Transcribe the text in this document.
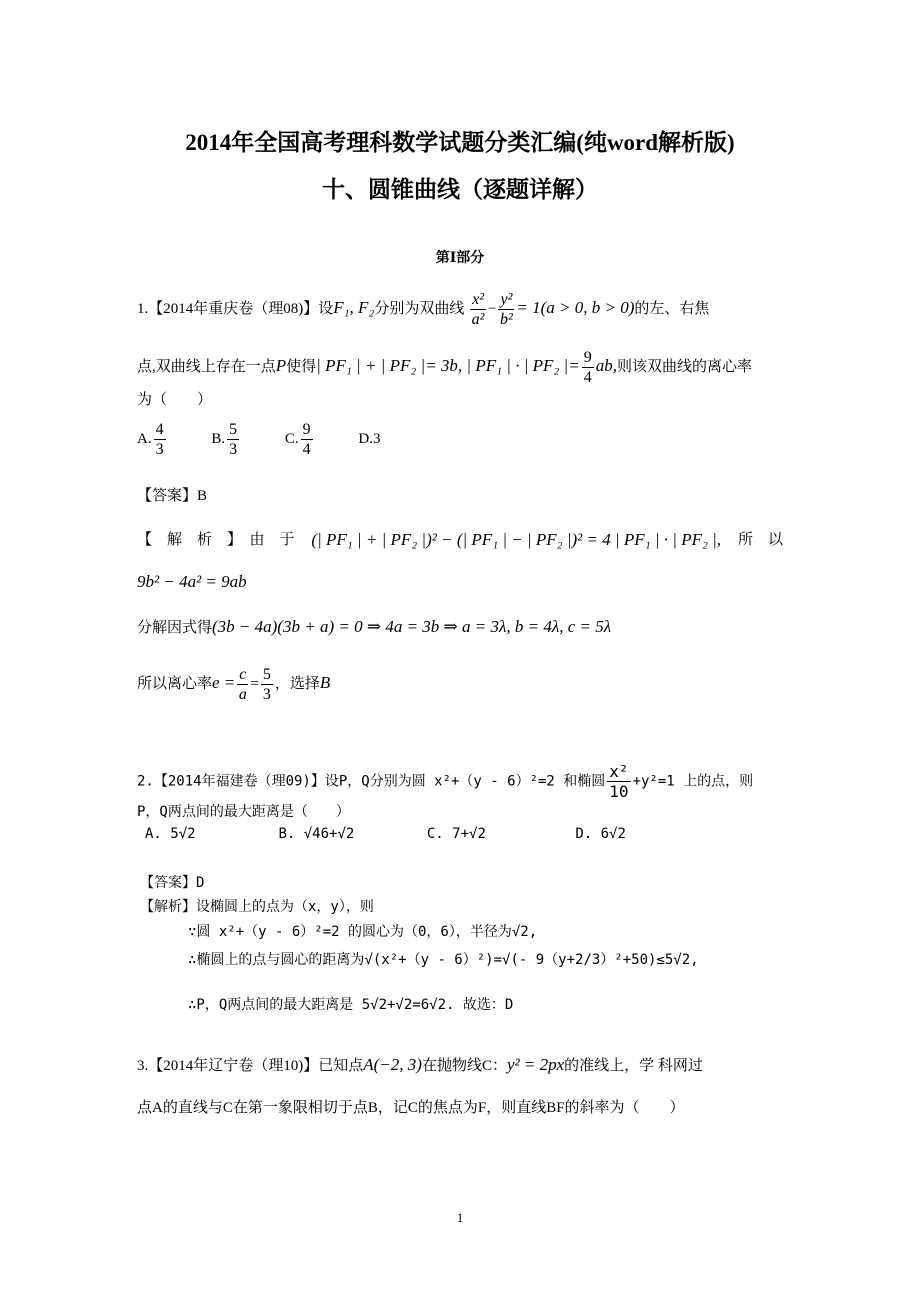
2014年全国高考理科数学试题分类汇编(纯word解析版)
十、圆锥曲线（逐题详解）
第Ⅰ部分
1.【2014年重庆卷（理08)】设F₁, F₂分别为双曲线 $\frac{\text{x²}}{\text{a²}} - \frac{\text{y²}}{\text{b²}} = 1(a > 0$, b > 0)的左、右焦
点,双曲线上存在一点P使得| PF₁ | + | PF₂ |= 3b, | PF₁ | · | PF₂ |= $\frac{9}{4}$ ab,则该双曲线的离心率
为（　　）
A. $\frac{4}{3}$	B. $\frac{5}{3}$	C. $\frac{9}{4}$	D.3
【答案】B
【　解　析　】　由　于 (| PF₁ | + | PF₂ |)² − (| PF₁ | − | PF₂ |)² = 4 | PF₁ | · | PF₂ |, 所　以
9b² − 4a² = 9ab
分解因式得(3b − 4a)(3b + a) = 0 ⇒ 4a = 3b ⇒ a = 3λ, b = 4λ, c = 5λ
所以离心率$e = \frac{c}{a} = \frac{5}{3}$ ，选择B
2.【2014年福建卷（理09)】设P，Q分别为圆 x²+（y - 6）²=2 和椭圆 $\frac{\text{x²}}{10} +y^2=1$ 上的点，则
P，Q两点间的最大距离是（　　）
A. 5√2	B. √46+√2	C. 7+√2	D. 6√2
【答案】D
【解析】设椭圆上的点为（x，y），则
∵圆 x²+（y - 6）²=2 的圆心为（0，6），半径为√2,
∴椭圆上的点与圆心的距离为√(x²+（y - 6）²)=√(- 9（y+2/3）²+50)≤5√2,
∴P，Q两点间的最大距离是 5√2+√2=6√2. 故选：D
3.【2014年辽宁卷（理10)】已知点A(−2, 3)在抛物线C：y² = 2px的准线上，学 科网过
点A的直线与C在第一象限相切于点B，记C的焦点为F，则直线BF的斜率为（　　）
1
